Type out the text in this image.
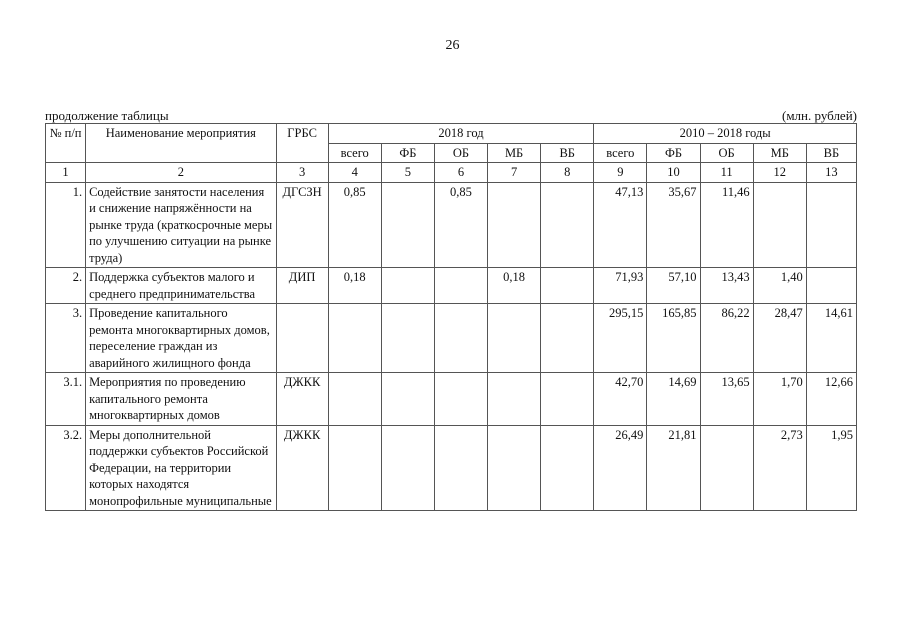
26
продолжение таблицы	(млн. рублей)
№ п/п	Наименование мероприятия	ГРБС	2018 год					2010 – 2018 годы				
			всего	ФБ	ОБ	МБ	ВБ	всего	ФБ	ОБ	МБ	ВБ
1	2	3	4	5	6	7	8	9	10	11	12	13
1.	Содействие занятости населения и снижение напряжённости на рынке труда (краткосрочные меры по улучшению ситуации на рынке труда)	ДГСЗН	0,85		0,85			47,13	35,67	11,46		
2.	Поддержка субъектов малого и среднего предпринимательства	ДИП	0,18			0,18		71,93	57,10	13,43	1,40	
3.	Проведение капитального ремонта многоквартирных домов, переселение граждан из аварийного жилищного фонда							295,15	165,85	86,22	28,47	14,61
3.1.	Мероприятия по проведению капитального ремонта многоквартирных домов	ДЖКК						42,70	14,69	13,65	1,70	12,66
3.2.	Меры дополнительной поддержки субъектов Российской Федерации, на территории которых находятся монопрофильные муниципальные	ДЖКК						26,49	21,81		2,73	1,95
